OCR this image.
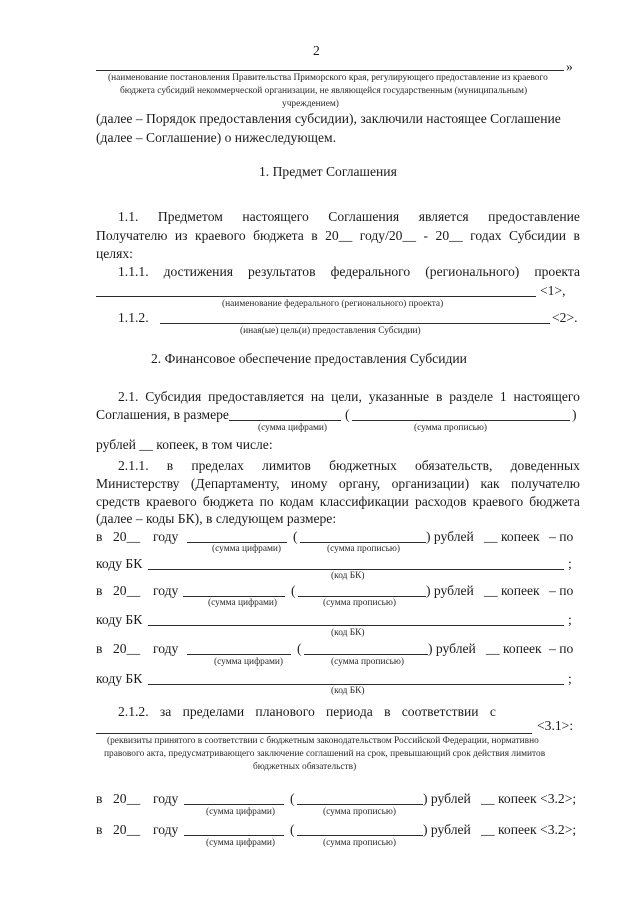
2
»
(наименование постановления Правительства Приморского края, регулирующего предоставление из краевого
бюджета субсидий некоммерческой организации, не являющейся государственным (муниципальным)
учреждением)
(далее – Порядок предоставления субсидии), заключили настоящее Соглашение
(далее – Соглашение) о нижеследующем.
1. Предмет Соглашения
1.1. Предметом настоящего Соглашения является предоставление
Получателю из краевого бюджета в 20__ году/20__ - 20__ годах Субсидии в
целях:
1.1.1. достижения результатов федерального (регионального) проекта
<1>,
(наименование федерального (регионального) проекта)
1.1.2.	<2>.
(иная(ые) цель(и) предоставления Субсидии)
2. Финансовое обеспечение предоставления Субсидии
2.1. Субсидия предоставляется на цели, указанные в разделе 1 настоящего
Соглашения, в размере	(	)
(сумма цифрами)	(сумма прописью)
рублей __ копеек, в том числе:
2.1.1. в пределах лимитов бюджетных обязательств, доведенных
Министерству (Департаменту, иному органу, организации) как получателю
средств краевого бюджета по кодам классификации расходов краевого бюджета
(далее – коды БК), в следующем размере:
в 20__ году	(	) рублей __ копеек – по
(сумма цифрами)	(сумма прописью)
коду БК	;
(код БК)
в 20__ году	(	) рублей __ копеек – по
(сумма цифрами)	(сумма прописью)
коду БК	;
(код БК)
в 20__ году	(	) рублей __ копеек – по
(сумма цифрами)	(сумма прописью)
коду БК	;
(код БК)
2.1.2. за пределами планового периода в соответствии с
<3.1>:
(реквизиты принятого в соответствии с бюджетным законодательством Российской Федерации, нормативно
правового акта, предусматривающего заключение соглашений на срок, превышающий срок действия лимитов
бюджетных обязательств)
в 20__ году	(	) рублей __ копеек <3.2>;
(сумма цифрами)	(сумма прописью)
в 20__ году	(	) рублей __ копеек <3.2>;
(сумма цифрами)	(сумма прописью)
